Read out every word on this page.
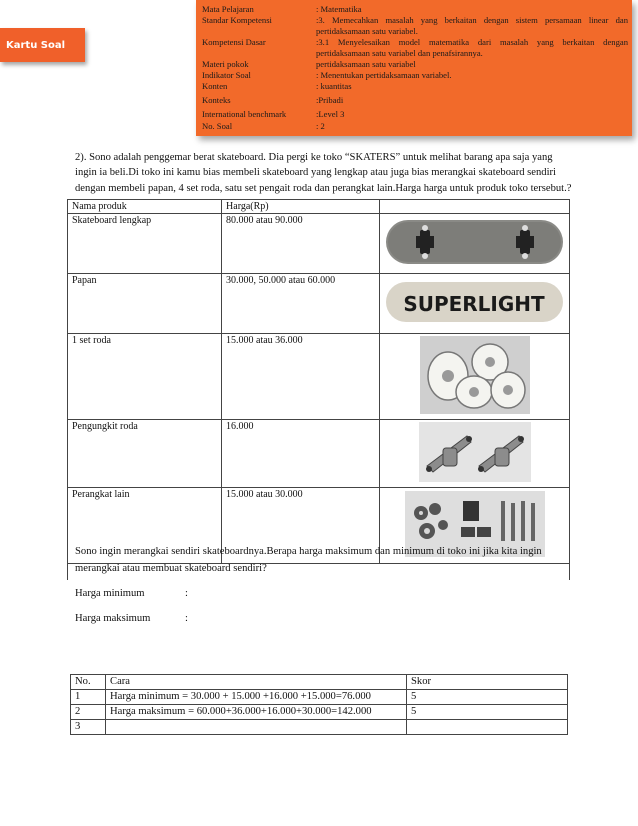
Kartu Soal
Mata Pelajaran	: Matematika
Standar Kompetensi	:3. Memecahkan masalah yang berkaitan dengan sistem persamaan linear dan pertidaksamaan satu variabel.
Kompetensi Dasar	:3.1 Menyelesaikan model matematika dari masalah yang berkaitan dengan pertidaksamaan satu variabel dan penafsirannya.
Materi pokok	pertidaksamaan satu variabel
Indikator Soal	: Menentukan pertidaksamaan variabel.
Konten	: kuantitas
Konteks	:Pribadi
International benchmark	:Level 3
No. Soal	: 2
2). Sono adalah penggemar berat skateboard. Dia pergi ke toko “SKATERS” untuk melihat barang apa saja yang ingin ia beli.Di toko ini kamu bias membeli skateboard yang lengkap atau juga bias merangkai skateboard sendiri dengan membeli papan, 4 set roda, satu set pengait roda dan perangkat lain.Harga harga untuk produk toko tersebut.?
Nama produk	Harga(Rp)	
Skateboard lengkap	80.000 atau 90.000	
Papan	30.000, 50.000 atau 60.000	SUPERLIGHT

1 set roda	15.000 atau 36.000	
Pengungkit roda	16.000	
Perangkat lain	15.000 atau 30.000	

Sono ingin merangkai sendiri skateboardnya.Berapa harga maksimum dan minimum di toko ini jika kita ingin merangkai atau membuat skateboard sendiri?
Harga minimum	:
Harga maksimum	:
No.	Cara	Skor
1	Harga minimum = 30.000 + 15.000 +16.000 +15.000=76.000	5
2	Harga maksimum = 60.000+36.000+16.000+30.000=142.000	5
3		
